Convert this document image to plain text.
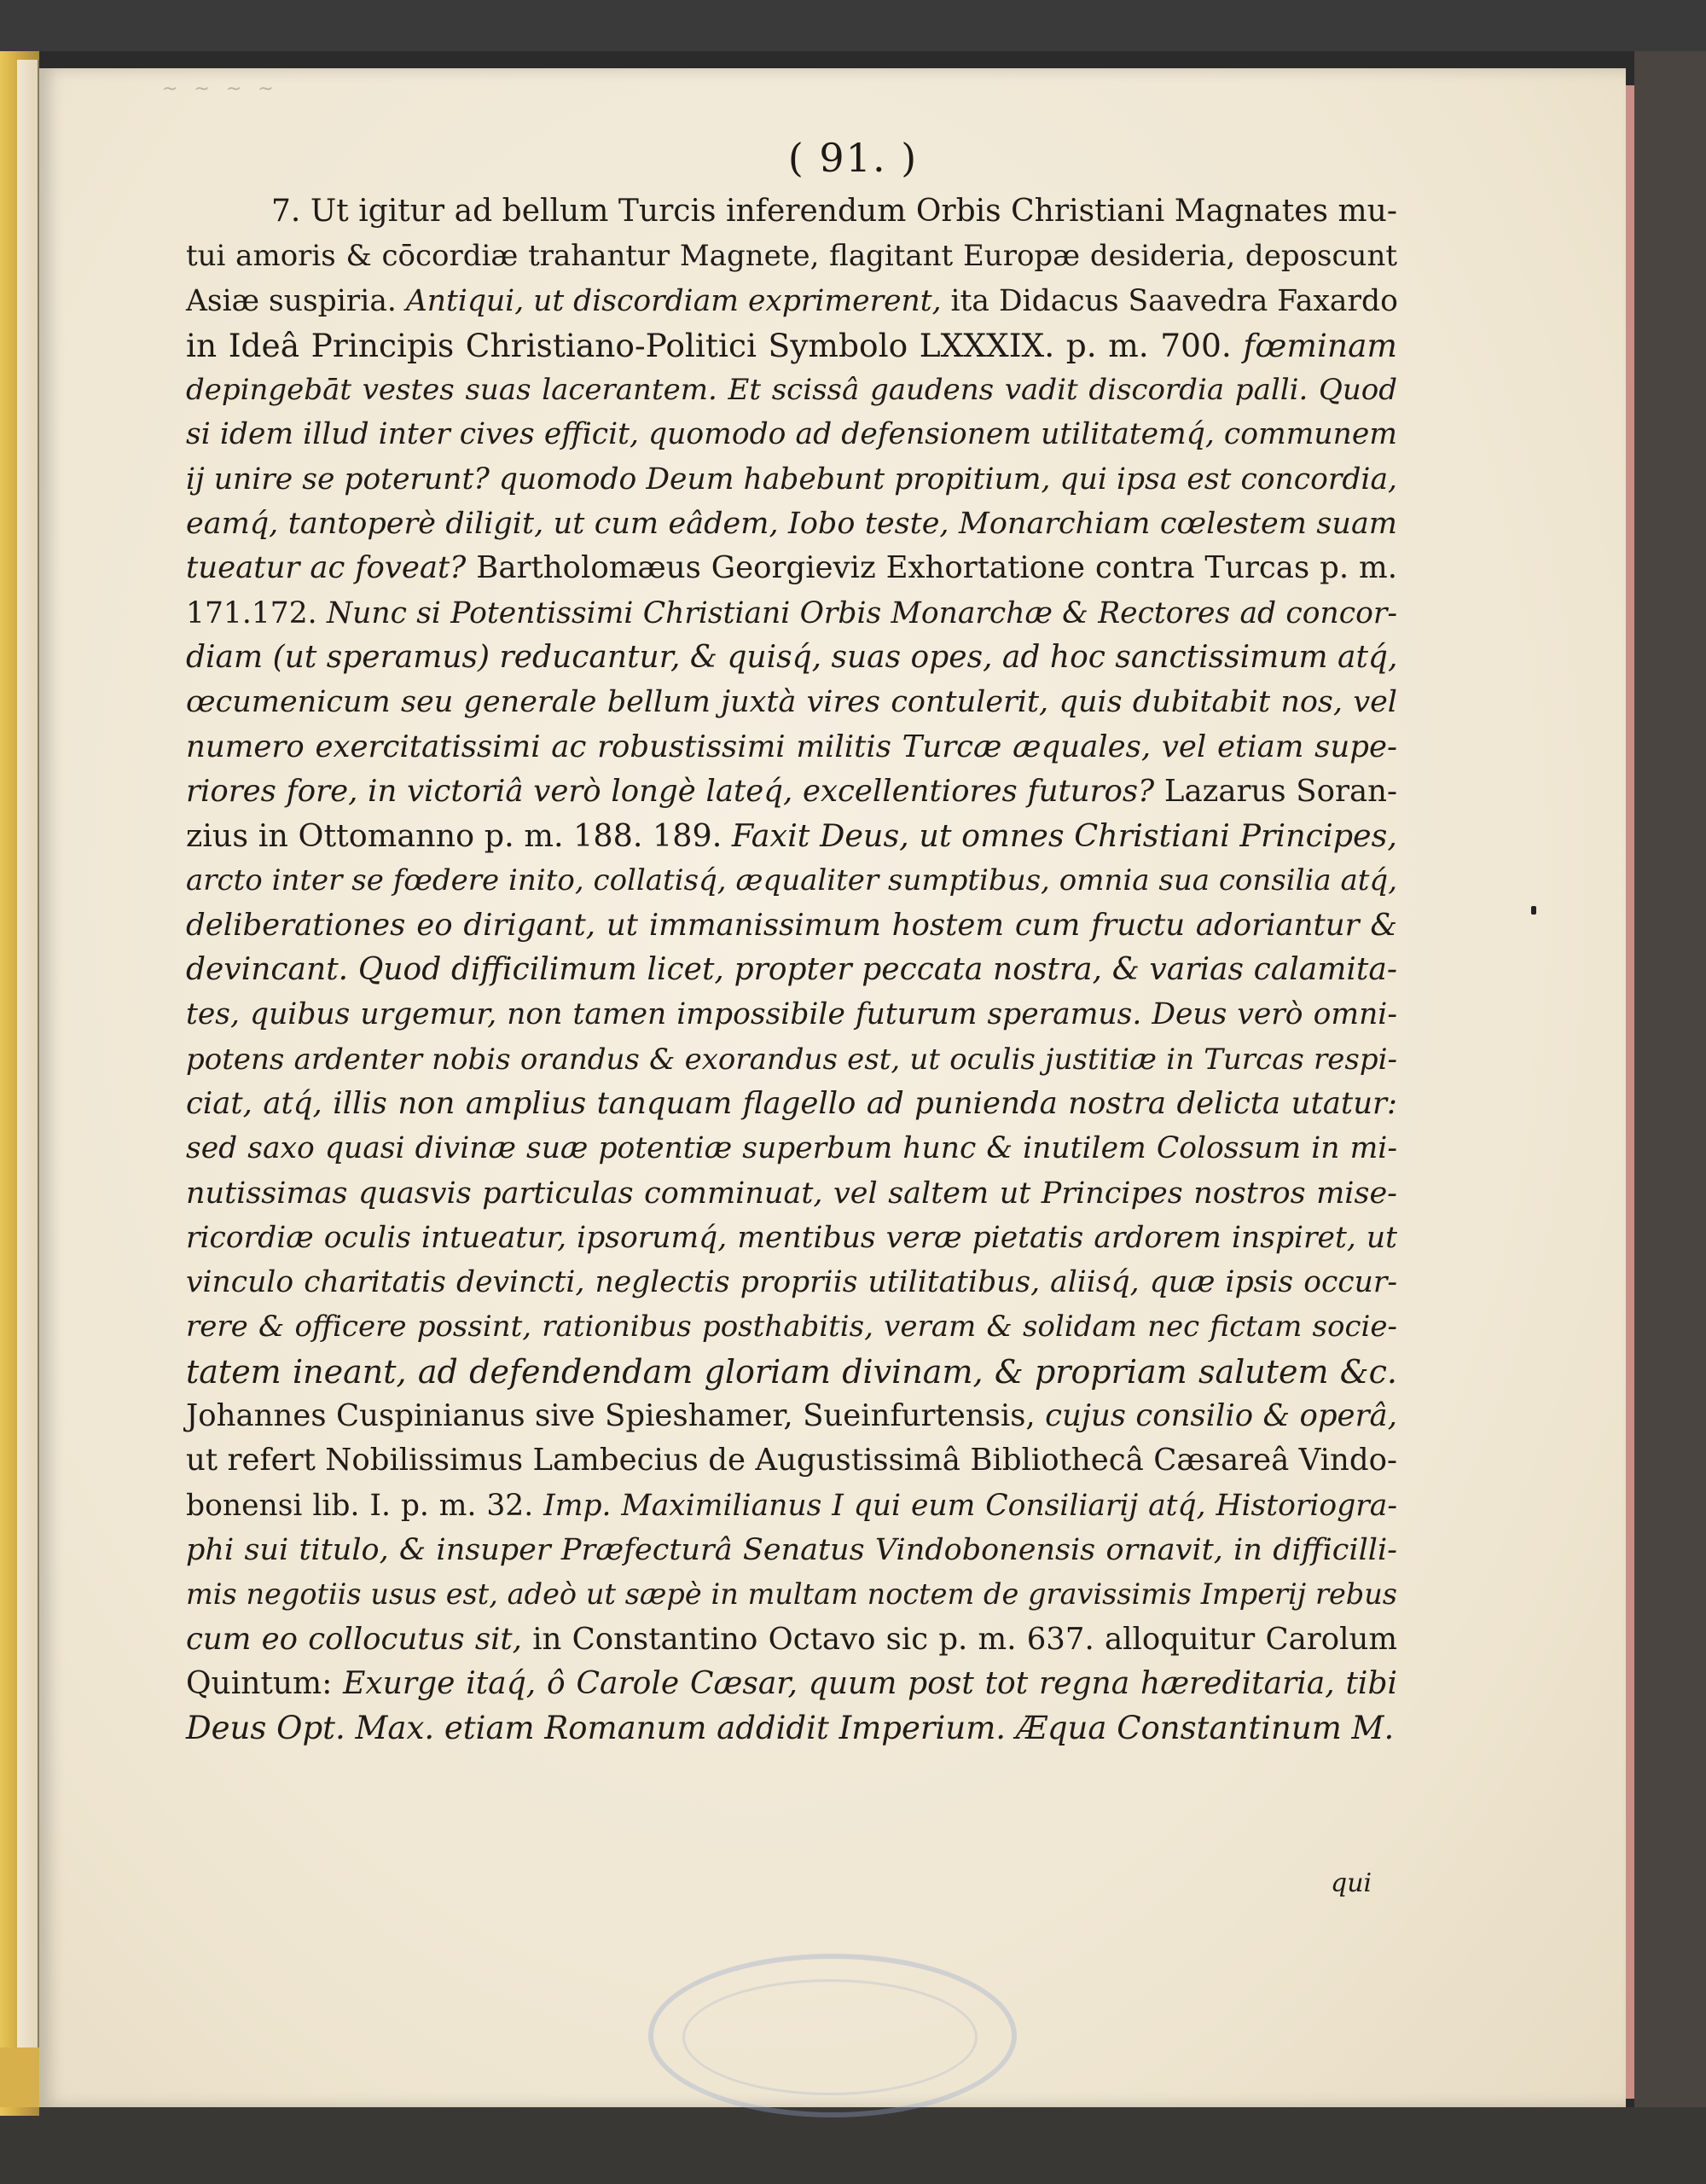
~ ~ ~ ~
( 91. )
7. Ut igitur ad bellum Turcis inferendum Orbis Christiani Magnates mu-
tui amoris & cōcordiæ trahantur Magnete, flagitant Europæ desideria, deposcunt
Asiæ suspiria. Antiqui, ut discordiam exprimerent, ita Didacus Saavedra Faxardo
in Ideâ Principis Christiano-Politici Symbolo LXXXIX. p. m. 700. fœminam
depingebāt vestes suas lacerantem. Et scissâ gaudens vadit discordia palli. Quod
si idem illud inter cives efficit, quomodo ad defensionem utilitatemq́, communem
ij unire se poterunt? quomodo Deum habebunt propitium, qui ipsa est concordia,
eamq́, tantoperè diligit, ut cum eâdem, Iobo teste, Monarchiam cœlestem suam
tueatur ac foveat? Bartholomæus Georgieviz Exhortatione contra Turcas p. m.
171.172. Nunc si Potentissimi Christiani Orbis Monarchæ & Rectores ad concor-
diam (ut speramus) reducantur, & quisq́, suas opes, ad hoc sanctissimum atq́,
œcumenicum seu generale bellum juxtà vires contulerit, quis dubitabit nos, vel
numero exercitatissimi ac robustissimi militis Turcæ æquales, vel etiam supe-
riores fore, in victoriâ verò longè lateq́, excellentiores futuros? Lazarus Soran-
zius in Ottomanno p. m. 188. 189. Faxit Deus, ut omnes Christiani Principes,
arcto inter se fœdere inito, collatisq́, æqualiter sumptibus, omnia sua consilia atq́,
deliberationes eo dirigant, ut immanissimum hostem cum fructu adoriantur &
devincant. Quod difficilimum licet, propter peccata nostra, & varias calamita-
tes, quibus urgemur, non tamen impossibile futurum speramus. Deus verò omni-
potens ardenter nobis orandus & exorandus est, ut oculis justitiæ in Turcas respi-
ciat, atq́, illis non amplius tanquam flagello ad punienda nostra delicta utatur:
sed saxo quasi divinæ suæ potentiæ superbum hunc & inutilem Colossum in mi-
nutissimas quasvis particulas comminuat, vel saltem ut Principes nostros mise-
ricordiæ oculis intueatur, ipsorumq́, mentibus veræ pietatis ardorem inspiret, ut
vinculo charitatis devincti, neglectis propriis utilitatibus, aliisq́, quæ ipsis occur-
rere & officere possint, rationibus posthabitis, veram & solidam nec fictam socie-
tatem ineant, ad defendendam gloriam divinam, & propriam salutem &c.
Johannes Cuspinianus sive Spieshamer, Sueinfurtensis, cujus consilio & operâ,
ut refert Nobilissimus Lambecius de Augustissimâ Bibliothecâ Cæsareâ Vindo-
bonensi lib. I. p. m. 32. Imp. Maximilianus I qui eum Consiliarij atq́, Historiogra-
phi sui titulo, & insuper Præfecturâ Senatus Vindobonensis ornavit, in difficilli-
mis negotiis usus est, adeò ut sæpè in multam noctem de gravissimis Imperij rebus
cum eo collocutus sit, in Constantino Octavo sic p. m. 637. alloquitur Carolum
Quintum: Exurge itaq́, ô Carole Cæsar, quum post tot regna hæreditaria, tibi
Deus Opt. Max. etiam Romanum addidit Imperium. Æqua Constantinum M.
qui
